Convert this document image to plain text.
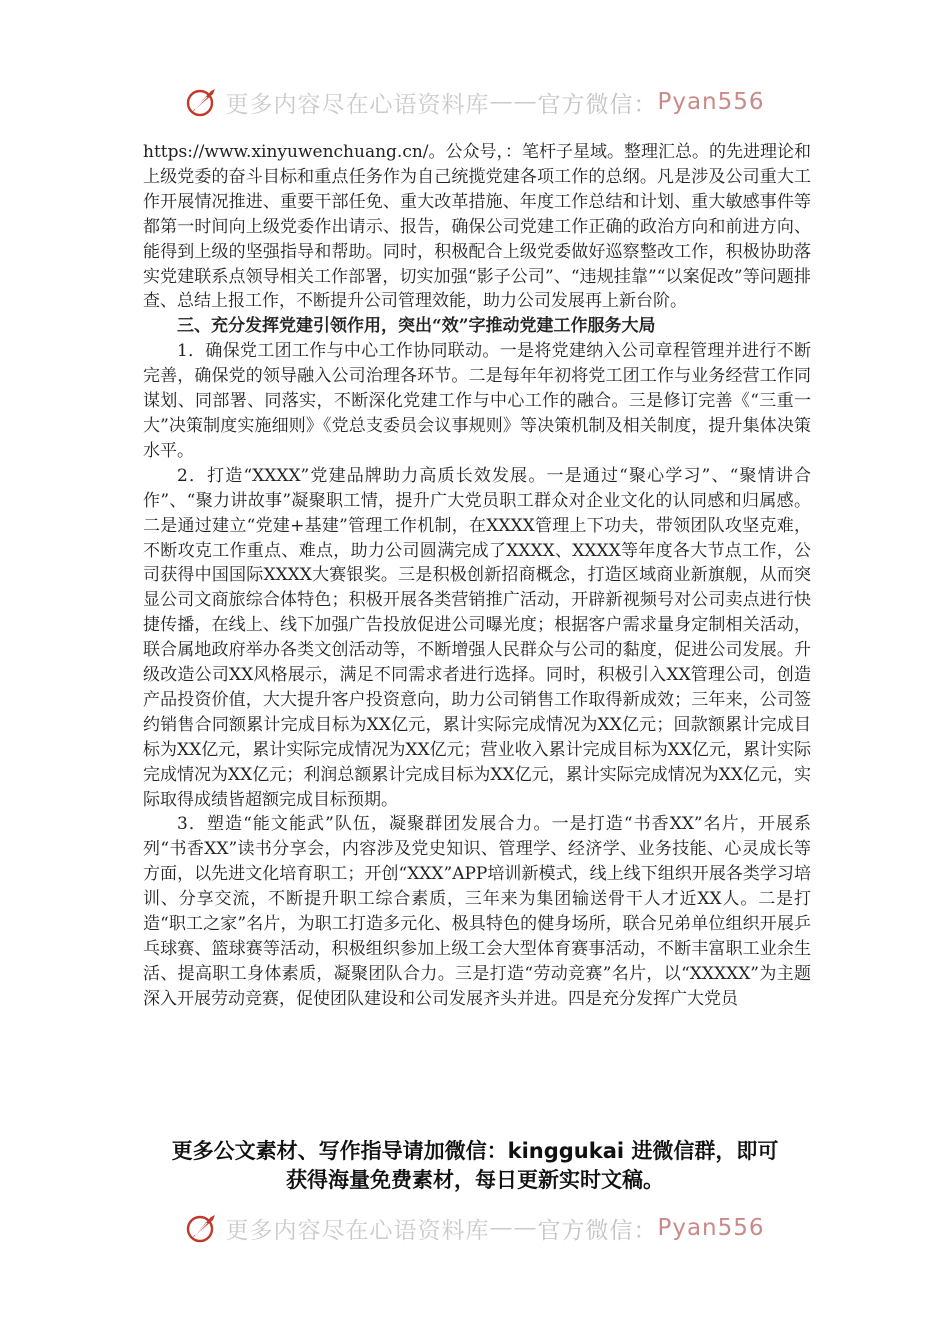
更多内容尽在心语资料库 —— 官方微信： Pyan556

https://www.xinyuwenchuang.cn/。公众号，：笔杆子星域。整理汇总。的先进理论和上级党委的奋斗目标和重点任务作为自己统揽党建各项工作的总纲。凡是涉及公司重大工作开展情况推进、重要干部任免、重大改革措施、年度工作总结和计划、重大敏感事件等都第一时间向上级党委作出请示、报告，确保公司党建工作正确的政治方向和前进方向、能得到上级的坚强指导和帮助。同时，积极配合上级党委做好巡察整改工作，积极协助落实党建联系点领导相关工作部署，切实加强“影子公司”、“违规挂靠”“以案促改”等问题排查、总结上报工作，不断提升公司管理效能，助力公司发展再上新台阶。

三、充分发挥党建引领作用，突出“效”字推动党建工作服务大局

1．确保党工团工作与中心工作协同联动。一是将党建纳入公司章程管理并进行不断完善，确保党的领导融入公司治理各环节。二是每年年初将党工团工作与业务经营工作同谋划、同部署、同落实，不断深化党建工作与中心工作的融合。三是修订完善《“三重一大”决策制度实施细则》《党总支委员会议事规则》等决策机制及相关制度，提升集体决策水平。

2．打造“XXXX”党建品牌助力高质长效发展。一是通过“聚心学习”、“聚情讲合作”、“聚力讲故事”凝聚职工情，提升广大党员职工群众对企业文化的认同感和归属感。二是通过建立“党建+基建”管理工作机制，在XXXX管理上下功夫，带领团队攻坚克难，不断攻克工作重点、难点，助力公司圆满完成了XXXX、XXXX等年度各大节点工作，公司获得中国国际XXXX大赛银奖。三是积极创新招商概念，打造区域商业新旗舰，从而突显公司文商旅综合体特色；积极开展各类营销推广活动，开辟新视频号对公司卖点进行快捷传播，在线上、线下加强广告投放促进公司曝光度；根据客户需求量身定制相关活动，联合属地政府举办各类文创活动等，不断增强人民群众与公司的黏度，促进公司发展。升级改造公司XX风格展示，满足不同需求者进行选择。同时，积极引入XX管理公司，创造产品投资价值，大大提升客户投资意向，助力公司销售工作取得新成效；三年来，公司签约销售合同额累计完成目标为XX亿元，累计实际完成情况为XX亿元；回款额累计完成目标为XX亿元，累计实际完成情况为XX亿元；营业收入累计完成目标为XX亿元，累计实际完成情况为XX亿元；利润总额累计完成目标为XX亿元，累计实际完成情况为XX亿元，实际取得成绩皆超额完成目标预期。

3．塑造“能文能武”队伍，凝聚群团发展合力。一是打造“书香XX”名片，开展系列“书香XX”读书分享会，内容涉及党史知识、管理学、经济学、业务技能、心灵成长等方面，以先进文化培育职工；开创“XXX”APP培训新模式，线上线下组织开展各类学习培训、分享交流，不断提升职工综合素质，三年来为集团输送骨干人才近XX人。二是打造“职工之家”名片，为职工打造多元化、极具特色的健身场所，联合兄弟单位组织开展乒乓球赛、篮球赛等活动，积极组织参加上级工会大型体育赛事活动，不断丰富职工业余生活、提高职工身体素质，凝聚团队合力。三是打造“劳动竞赛”名片，以“XXXXX”为主题深入开展劳动竞赛，促使团队建设和公司发展齐头并进。四是充分发挥广大党员

更多公文素材、写作指导请加微信：kinggukai 进微信群，即可
获得海量免费素材，每日更新实时文稿。
更多内容尽在心语资料库 —— 官方微信： Pyan556
